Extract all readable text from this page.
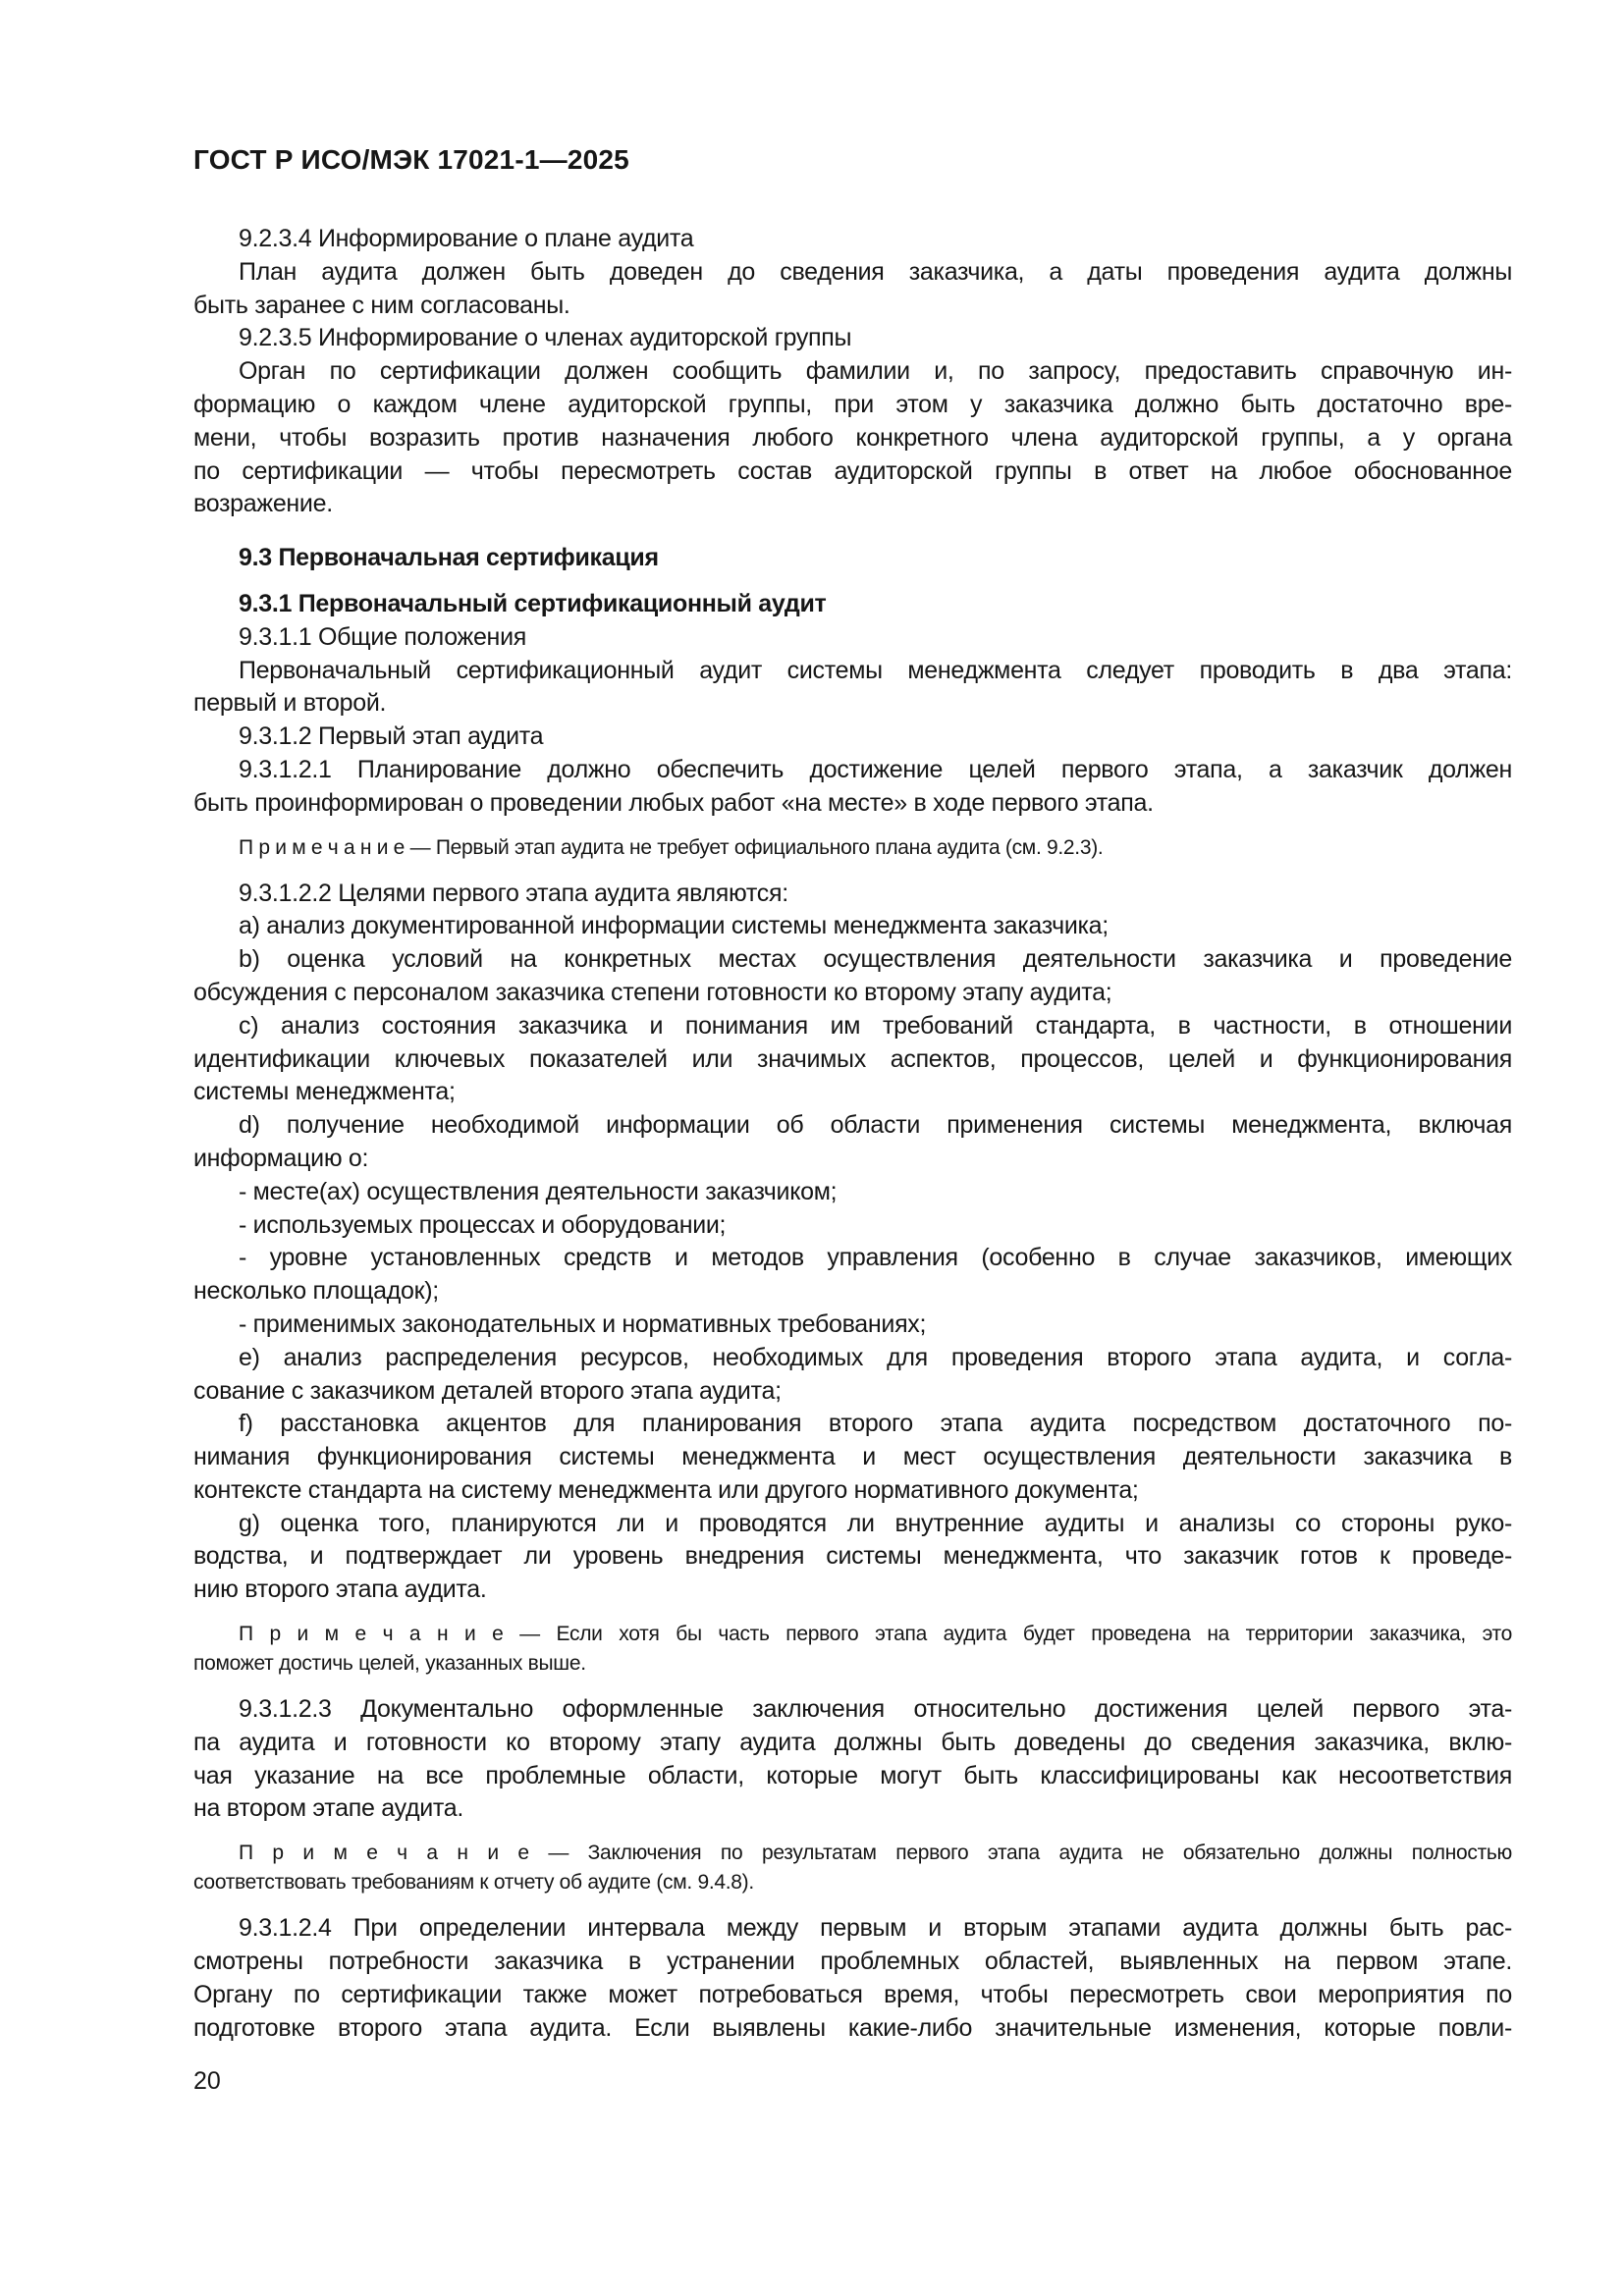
ГОСТ Р ИСО/МЭК 17021-1—2025
9.2.3.4 Информирование о плане аудита
План аудита должен быть доведен до сведения заказчика, а даты проведения аудита должны
быть заранее с ним согласованы.
9.2.3.5 Информирование о членах аудиторской группы
Орган по сертификации должен сообщить фамилии и, по запросу, предоставить справочную ин-
формацию о каждом члене аудиторской группы, при этом у заказчика должно быть достаточно вре-
мени, чтобы возразить против назначения любого конкретного члена аудиторской группы, а у органа
по сертификации — чтобы пересмотреть состав аудиторской группы в ответ на любое обоснованное
возражение.
9.3 Первоначальная сертификация
9.3.1 Первоначальный сертификационный аудит
9.3.1.1 Общие положения
Первоначальный сертификационный аудит системы менеджмента следует проводить в два этапа:
первый и второй.
9.3.1.2 Первый этап аудита
9.3.1.2.1 Планирование должно обеспечить достижение целей первого этапа, а заказчик должен
быть проинформирован о проведении любых работ «на месте» в ходе первого этапа.
П р и м е ч а н и е — Первый этап аудита не требует официального плана аудита (см. 9.2.3).
9.3.1.2.2 Целями первого этапа аудита являются:
a) анализ документированной информации системы менеджмента заказчика;
b) оценка условий на конкретных местах осуществления деятельности заказчика и проведение
обсуждения с персоналом заказчика степени готовности ко второму этапу аудита;
c) анализ состояния заказчика и понимания им требований стандарта, в частности, в отношении
идентификации ключевых показателей или значимых аспектов, процессов, целей и функционирования
системы менеджмента;
d) получение необходимой информации об области применения системы менеджмента, включая
информацию о:
- месте(ах) осуществления деятельности заказчиком;
- используемых процессах и оборудовании;
- уровне установленных средств и методов управления (особенно в случае заказчиков, имеющих
несколько площадок);
- применимых законодательных и нормативных требованиях;
e) анализ распределения ресурсов, необходимых для проведения второго этапа аудита, и согла-
сование с заказчиком деталей второго этапа аудита;
f) расстановка акцентов для планирования второго этапа аудита посредством достаточного по-
нимания функционирования системы менеджмента и мест осуществления деятельности заказчика в
контексте стандарта на систему менеджмента или другого нормативного документа;
g) оценка того, планируются ли и проводятся ли внутренние аудиты и анализы со стороны руко-
водства, и подтверждает ли уровень внедрения системы менеджмента, что заказчик готов к проведе-
нию второго этапа аудита.
П р и м е ч а н и е — Если хотя бы часть первого этапа аудита будет проведена на территории заказчика, это
поможет достичь целей, указанных выше.
9.3.1.2.3 Документально оформленные заключения относительно достижения целей первого эта-
па аудита и готовности ко второму этапу аудита должны быть доведены до сведения заказчика, вклю-
чая указание на все проблемные области, которые могут быть классифицированы как несоответствия
на втором этапе аудита.
П р и м е ч а н и е — Заключения по результатам первого этапа аудита не обязательно должны полностью
соответствовать требованиям к отчету об аудите (см. 9.4.8).
9.3.1.2.4 При определении интервала между первым и вторым этапами аудита должны быть рас-
смотрены потребности заказчика в устранении проблемных областей, выявленных на первом этапе.
Органу по сертификации также может потребоваться время, чтобы пересмотреть свои мероприятия по
подготовке второго этапа аудита. Если выявлены какие-либо значительные изменения, которые повли-
20
